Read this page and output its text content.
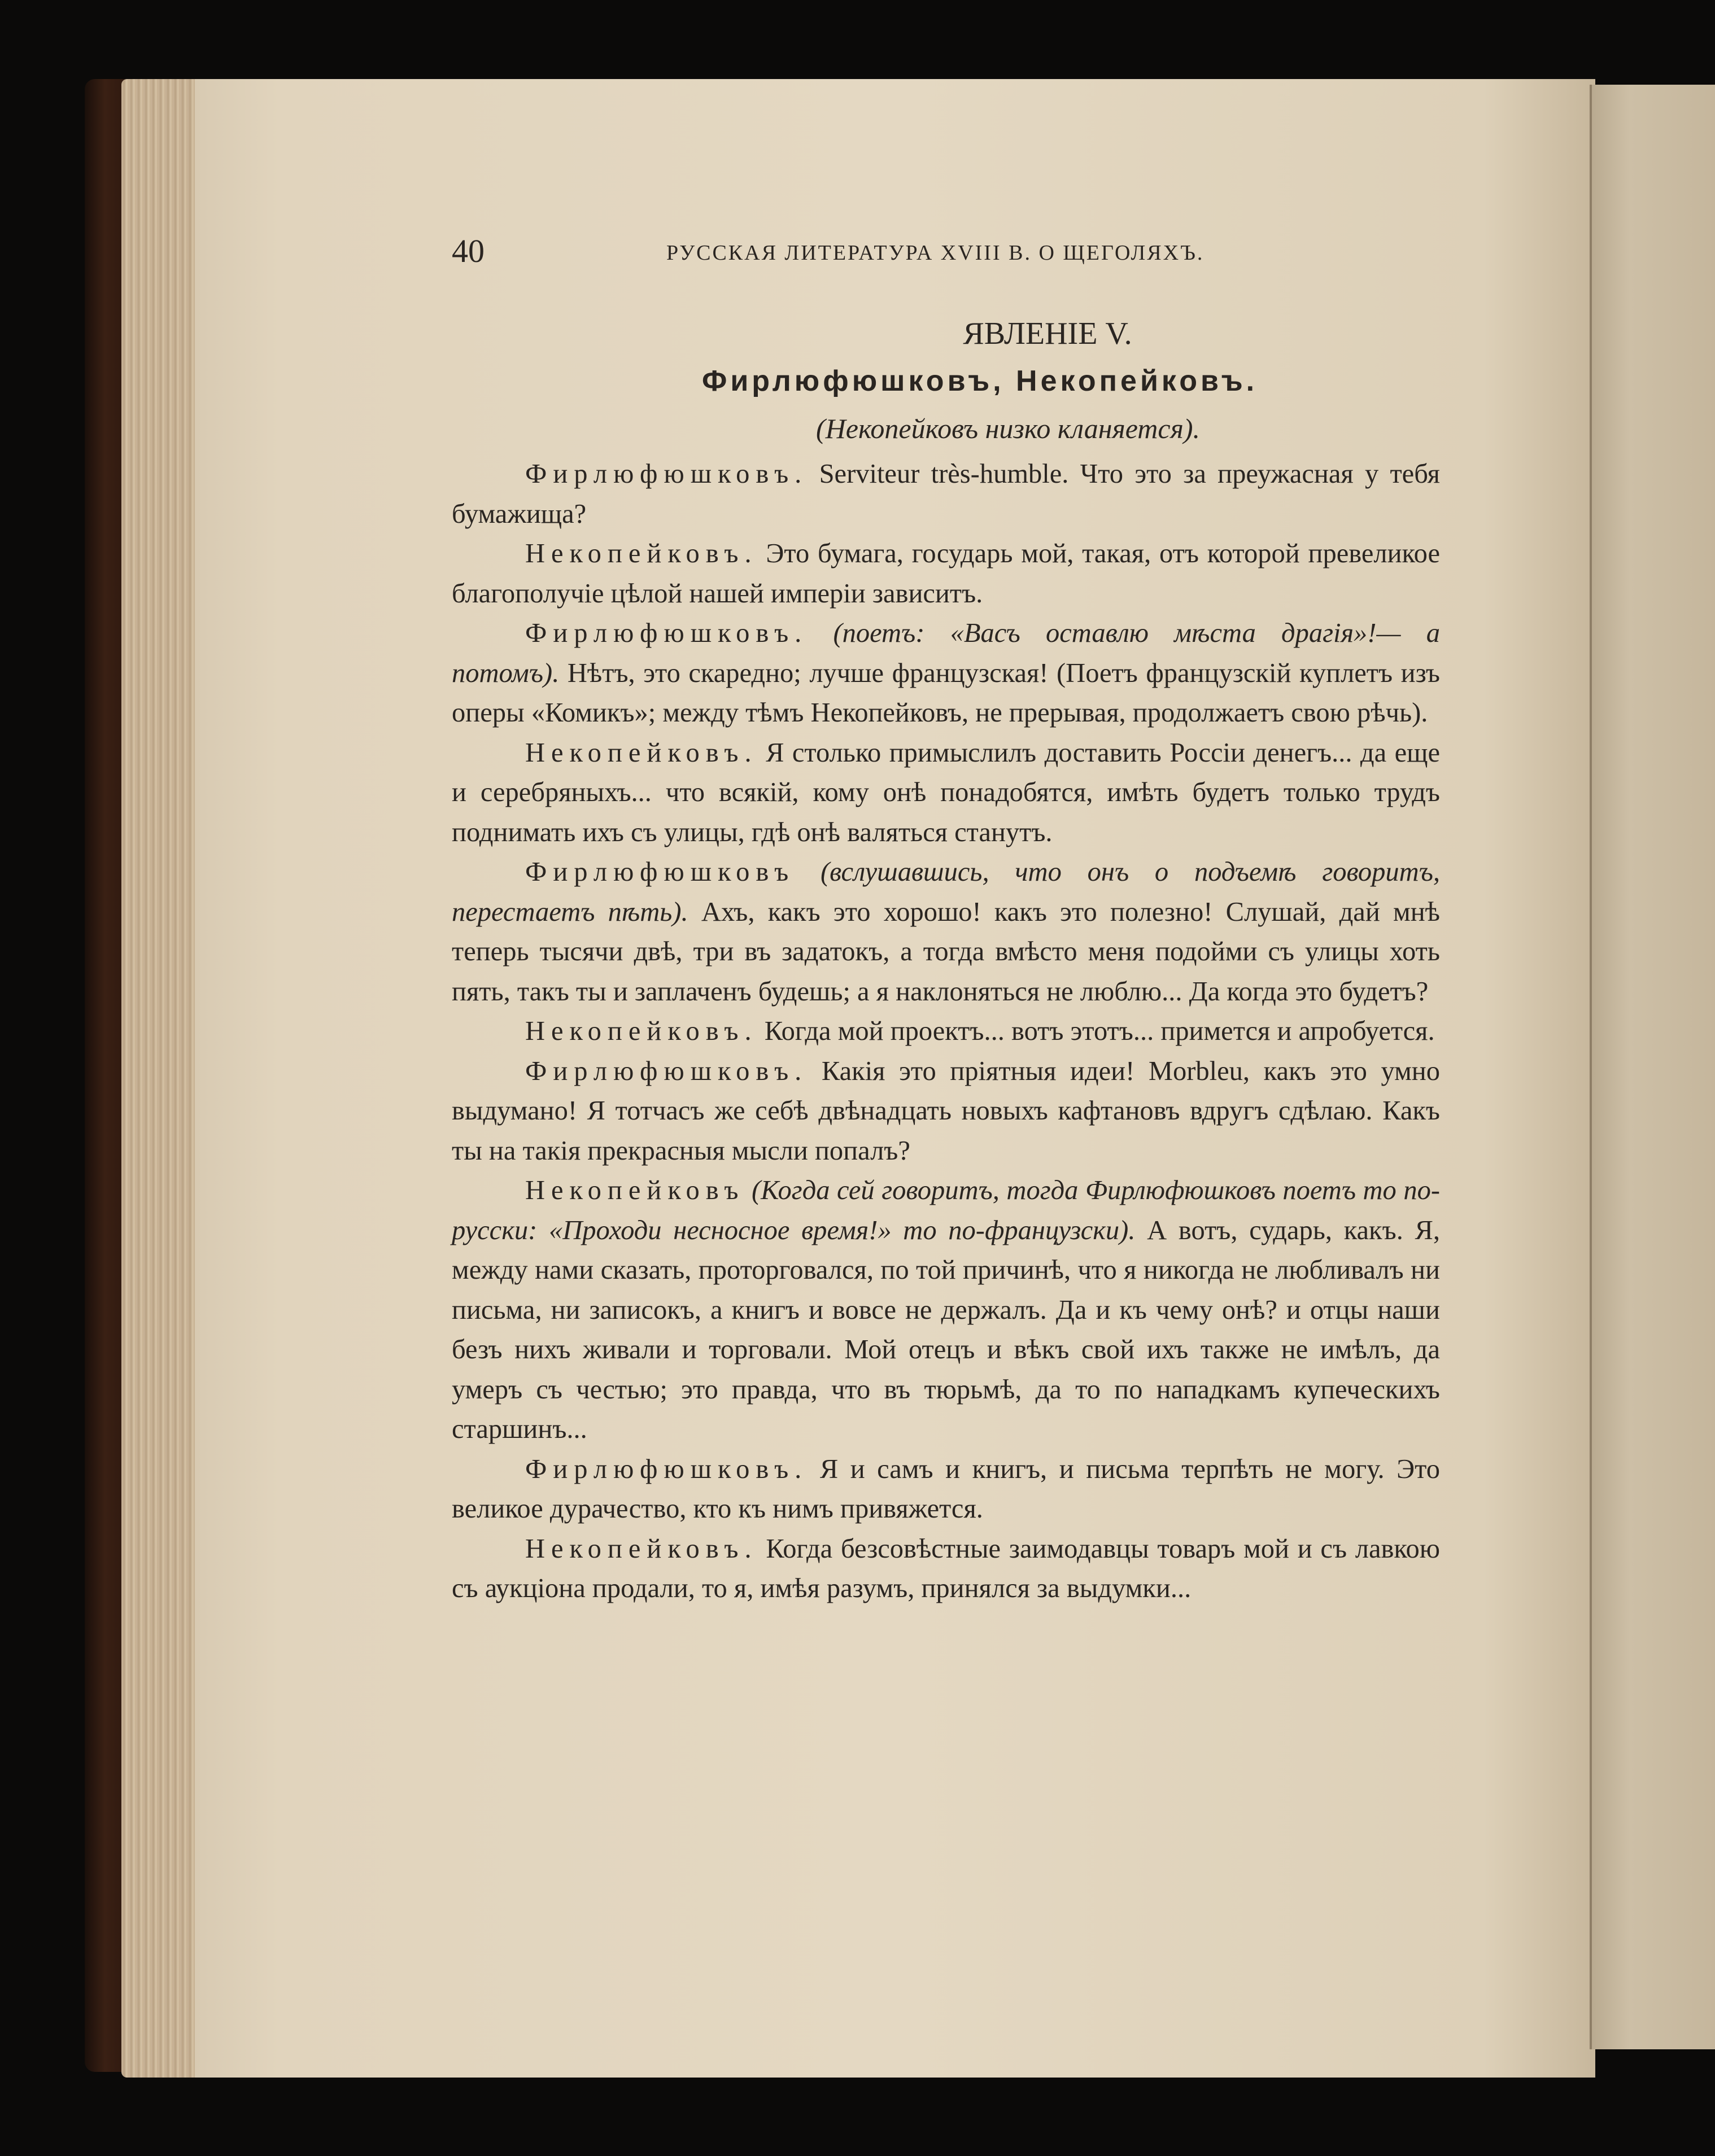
40	РУССКАЯ ЛИТЕРАТУРА XVIII В. О ЩЕГОЛЯХЪ.
ЯВЛЕНІЕ V.
Фирлюфюшковъ, Некопейковъ.
(Некопейковъ низко кланяется).

Фирлюфюшковъ. Serviteur très-humble. Что это за преужасная у тебя бумажища?

Некопейковъ. Это бумага, государь мой, такая, отъ которой превеликое благополучіе цѣлой нашей имперіи зависитъ.

Фирлюфюшковъ. (поетъ: «Васъ оставлю мѣста драгія»!— а потомъ). Нѣтъ, это скаредно; лучше французская! (Поетъ французскій куплетъ изъ оперы «Комикъ»; между тѣмъ Некопейковъ, не прерывая, продолжаетъ свою рѣчь).

Некопейковъ. Я столько примыслилъ доставить Россіи денегъ... да еще и серебряныхъ... что всякій, кому онѣ понадобятся, имѣть будетъ только трудъ поднимать ихъ съ улицы, гдѣ онѣ валяться станутъ.

Фирлюфюшковъ (вслушавшись, что онъ о подъемѣ говоритъ, перестаетъ пѣть). Ахъ, какъ это хорошо! какъ это полезно! Слушай, дай мнѣ теперь тысячи двѣ, три въ задатокъ, а тогда вмѣсто меня подойми съ улицы хоть пять, такъ ты и заплаченъ будешь; а я наклоняться не люблю... Да когда это будетъ?

Некопейковъ. Когда мой проектъ... вотъ этотъ... примется и апробуется.

Фирлюфюшковъ. Какія это пріятныя идеи! Morbleu, какъ это умно выдумано! Я тотчасъ же себѣ двѣнадцать новыхъ кафтановъ вдругъ сдѣлаю. Какъ ты на такія прекрасныя мысли попалъ?

Некопейковъ (Когда сей говоритъ, тогда Фирлюфюшковъ поетъ то по-русски: «Проходи несносное время!» то по-французски). А вотъ, сударь, какъ. Я, между нами сказать, проторговался, по той причинѣ, что я никогда не любливалъ ни письма, ни записокъ, а книгъ и вовсе не держалъ. Да и къ чему онѣ? и отцы наши безъ нихъ живали и торговали. Мой отецъ и вѣкъ свой ихъ также не имѣлъ, да умеръ съ честью; это правда, что въ тюрьмѣ, да то по нападкамъ купеческихъ старшинъ...

Фирлюфюшковъ. Я и самъ и книгъ, и письма терпѣть не могу. Это великое дурачество, кто къ нимъ привяжется.

Некопейковъ. Когда безсовѣстные заимодавцы товаръ мой и съ лавкою съ аукціона продали, то я, имѣя разумъ, принялся за выдумки...
